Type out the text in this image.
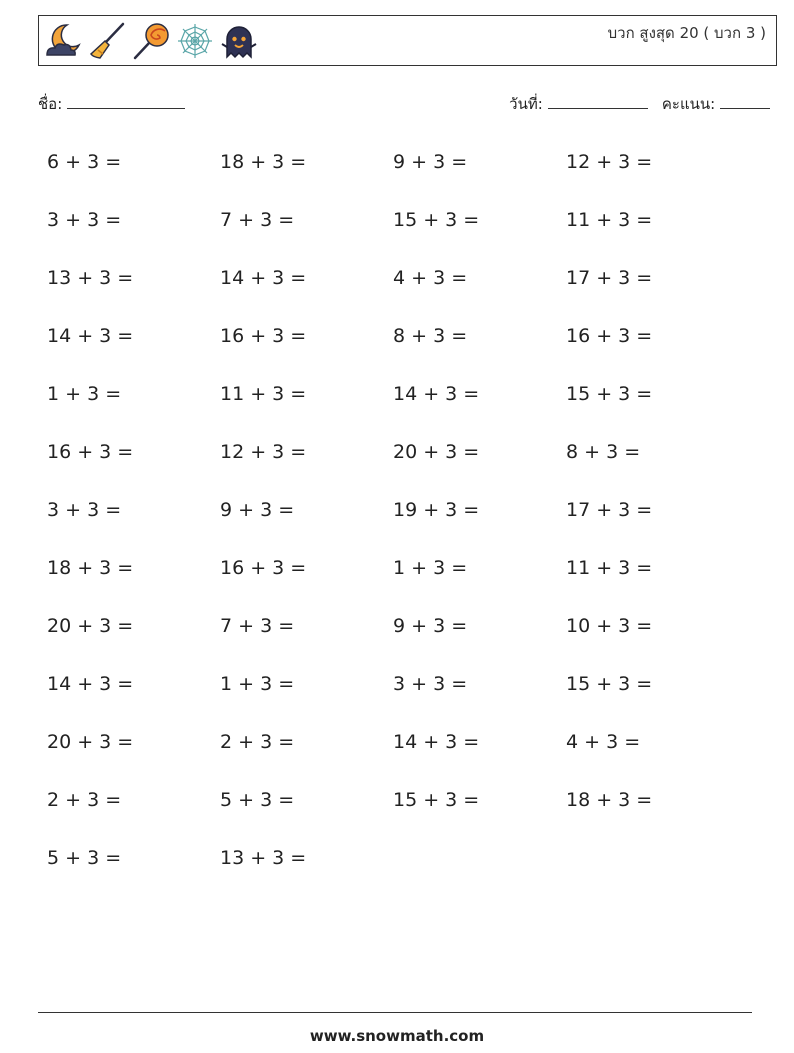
บวก สูงสุด 20 ( บวก 3 )
ชื่อ:	วันที่:	คะแนน:
6 + 3 =	18 + 3 =	9 + 3 =	12 + 3 =
3 + 3 =	7 + 3 =	15 + 3 =	11 + 3 =
13 + 3 =	14 + 3 =	4 + 3 =	17 + 3 =
14 + 3 =	16 + 3 =	8 + 3 =	16 + 3 =
1 + 3 =	11 + 3 =	14 + 3 =	15 + 3 =
16 + 3 =	12 + 3 =	20 + 3 =	8 + 3 =
3 + 3 =	9 + 3 =	19 + 3 =	17 + 3 =
18 + 3 =	16 + 3 =	1 + 3 =	11 + 3 =
20 + 3 =	7 + 3 =	9 + 3 =	10 + 3 =
14 + 3 =	1 + 3 =	3 + 3 =	15 + 3 =
20 + 3 =	2 + 3 =	14 + 3 =	4 + 3 =
2 + 3 =	5 + 3 =	15 + 3 =	18 + 3 =
5 + 3 =	13 + 3 =
www.snowmath.com
